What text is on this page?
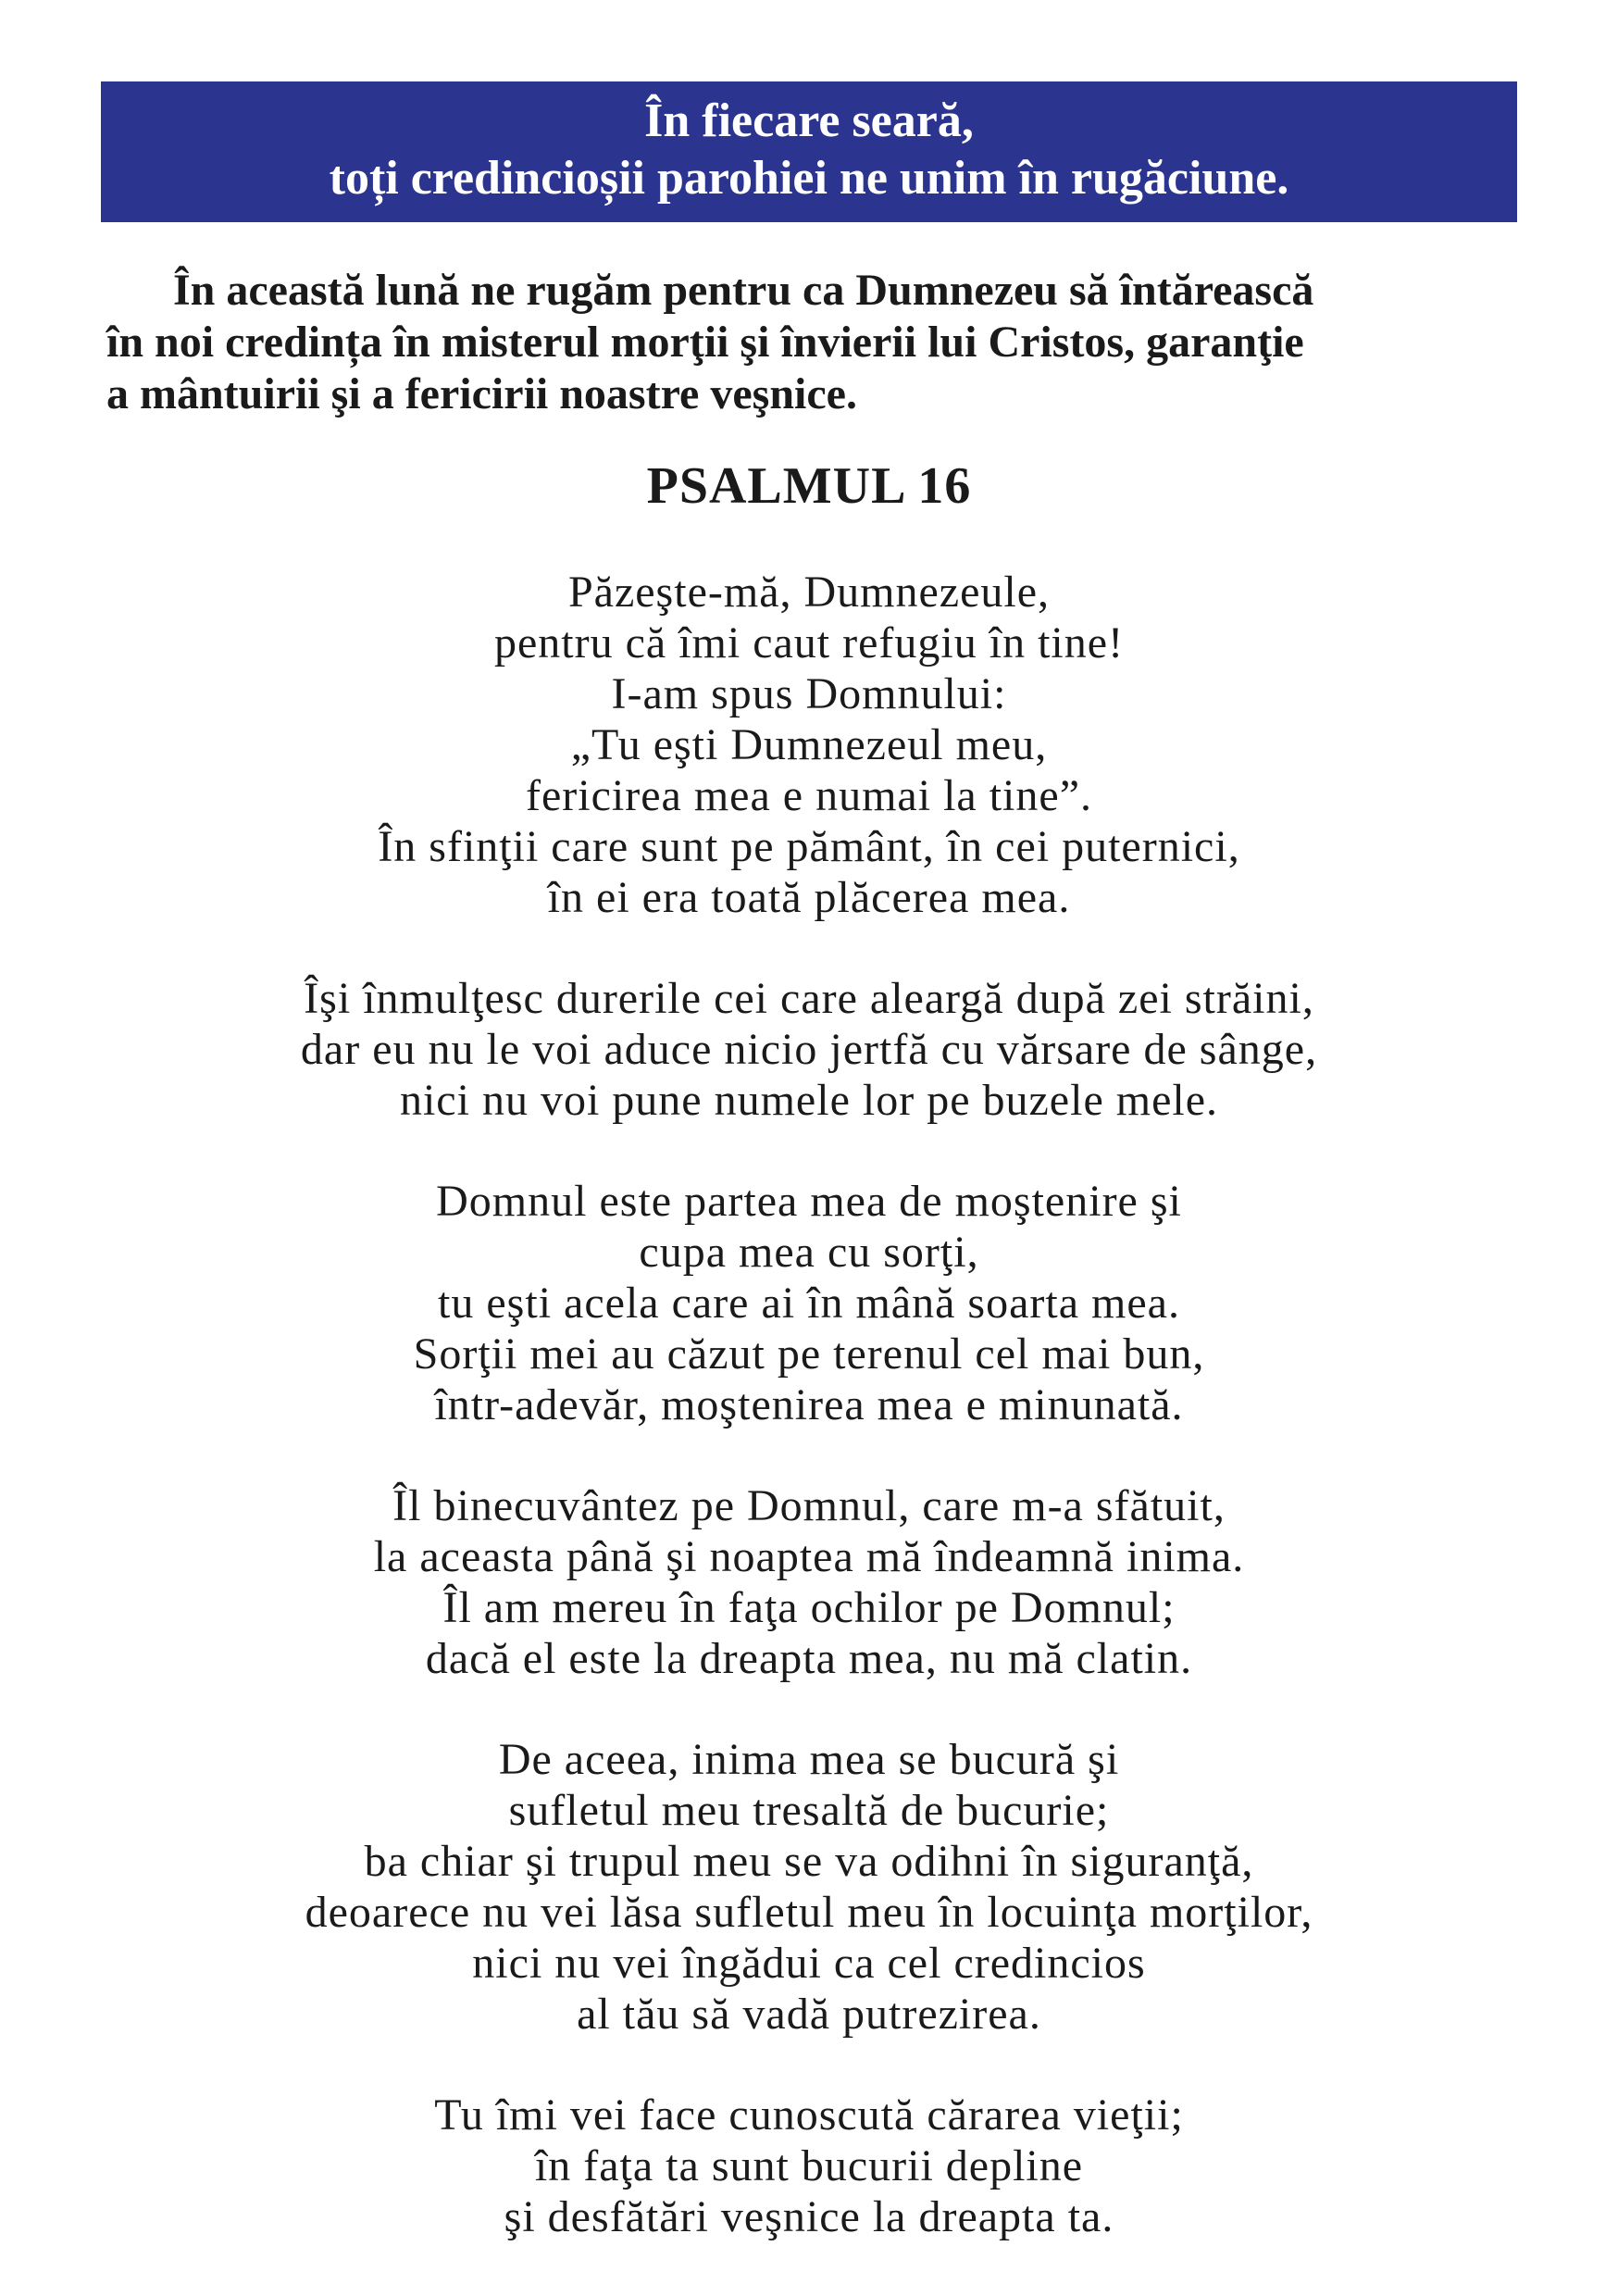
În fiecare seară,
toți credincioșii parohiei ne unim în rugăciune.
În această lună ne rugăm pentru ca Dumnezeu să întărească
în noi credința în misterul morţii şi învierii lui Cristos, garanţie
a mântuirii şi a fericirii noastre veşnice.
PSALMUL 16
Păzeşte-mă, Dumnezeule,
pentru că îmi caut refugiu în tine!
I-am spus Domnului:
„Tu eşti Dumnezeul meu,
fericirea mea e numai la tine”.
În sfinţii care sunt pe pământ, în cei puternici,
în ei era toată plăcerea mea.
Îşi înmulţesc durerile cei care aleargă după zei străini,
dar eu nu le voi aduce nicio jertfă cu vărsare de sânge,
nici nu voi pune numele lor pe buzele mele.
Domnul este partea mea de moştenire şi
cupa mea cu sorţi,
tu eşti acela care ai în mână soarta mea.
Sorţii mei au căzut pe terenul cel mai bun,
într-adevăr, moştenirea mea e minunată.
Îl binecuvântez pe Domnul, care m-a sfătuit,
la aceasta până şi noaptea mă îndeamnă inima.
Îl am mereu în faţa ochilor pe Domnul;
dacă el este la dreapta mea, nu mă clatin.
De aceea, inima mea se bucură şi
sufletul meu tresaltă de bucurie;
ba chiar şi trupul meu se va odihni în siguranţă,
deoarece nu vei lăsa sufletul meu în locuinţa morţilor,
nici nu vei îngădui ca cel credincios
al tău să vadă putrezirea.
Tu îmi vei face cunoscută cărarea vieţii;
în faţa ta sunt bucurii depline
şi desfătări veşnice la dreapta ta.
